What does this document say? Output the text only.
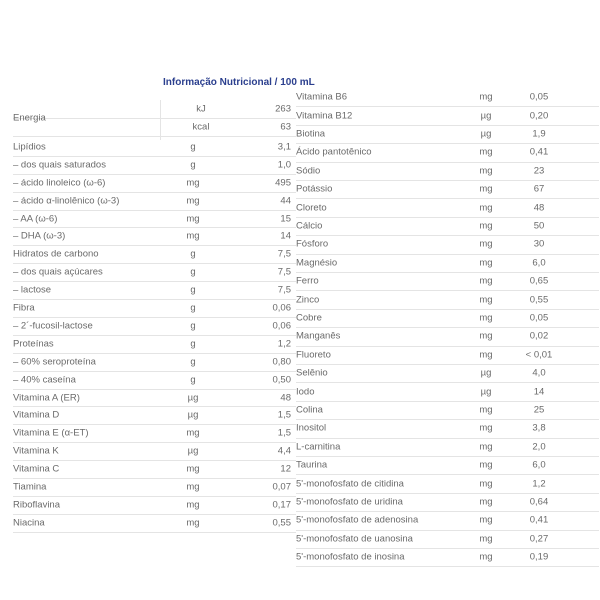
Informação Nutricional / 100 mL
Energia
kJ	263
kcal	63
Lipídios	g	3,1
– dos quais saturados	g	1,0
– ácido linoleico (ω-6)	mg	495
– ácido α-linolênico (ω-3)	mg	44
– AA (ω-6)	mg	15
– DHA (ω-3)	mg	14
Hidratos de carbono	g	7,5
– dos quais açúcares	g	7,5
– lactose	g	7,5
Fibra	g	0,06
– 2´-fucosil-lactose	g	0,06
Proteínas	g	1,2
– 60% seroproteína	g	0,80
– 40% caseína	g	0,50
Vitamina A (ER)	µg	48
Vitamina D	µg	1,5
Vitamina E (α-ET)	mg	1,5
Vitamina K	µg	4,4
Vitamina C	mg	12
Tiamina	mg	0,07
Riboflavina	mg	0,17
Niacina	mg	0,55
Vitamina B6	mg	0,05
Vitamina B12	µg	0,20
Biotina	µg	1,9
Ácido pantotênico	mg	0,41
Sódio	mg	23
Potássio	mg	67
Cloreto	mg	48
Cálcio	mg	50
Fósforo	mg	30
Magnésio	mg	6,0
Ferro	mg	0,65
Zinco	mg	0,55
Cobre	mg	0,05
Manganês	mg	0,02
Fluoreto	mg	< 0,01
Selênio	µg	4,0
Iodo	µg	14
Colina	mg	25
Inositol	mg	3,8
L-carnitina	mg	2,0
Taurina	mg	6,0
5'-monofosfato de citidina	mg	1,2
5'-monofosfato de uridina	mg	0,64
5'-monofosfato de adenosina	mg	0,41
5'-monofosfato de uanosina	mg	0,27
5'-monofosfato de inosina	mg	0,19
